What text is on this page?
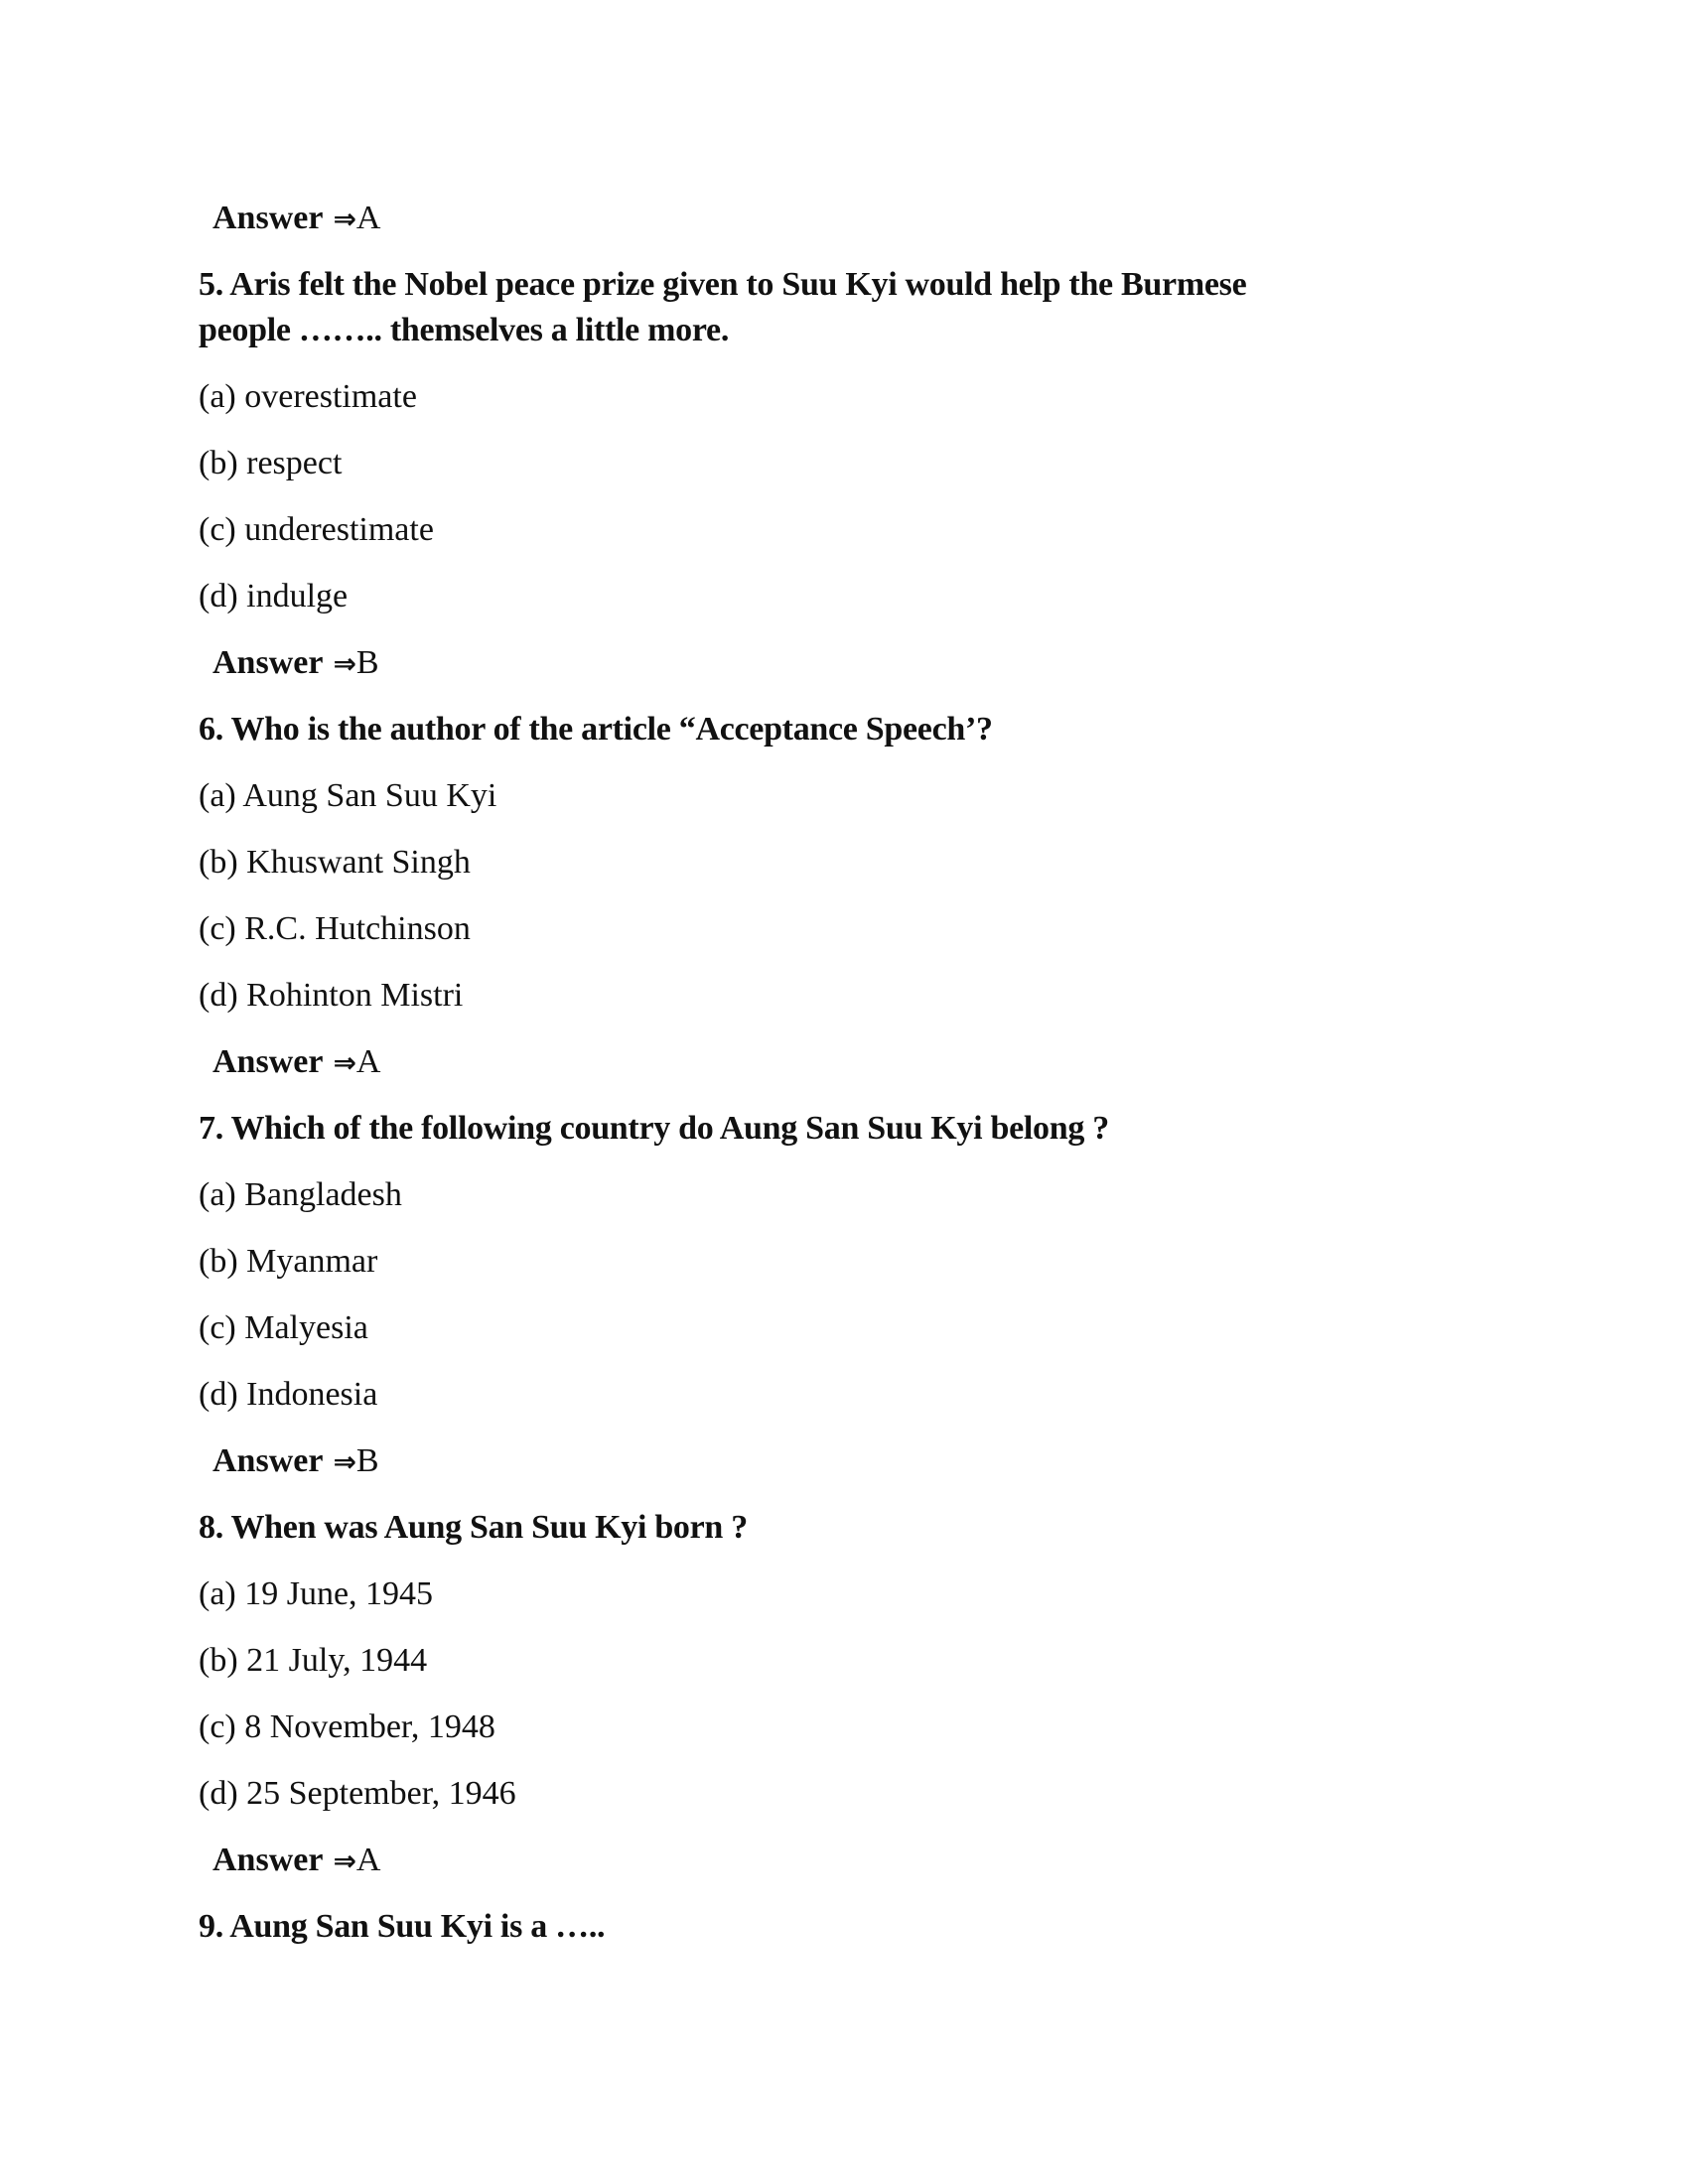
Answer ⇒A
5. Aris felt the Nobel peace prize given to Suu Kyi would help the Burmese
people …….. themselves a little more.
(a) overestimate
(b) respect
(c) underestimate
(d) indulge
Answer ⇒B
6. Who is the author of the article “Acceptance Speech’?
(a) Aung San Suu Kyi
(b) Khuswant Singh
(c) R.C. Hutchinson
(d) Rohinton Mistri
Answer ⇒A
7. Which of the following country do Aung San Suu Kyi belong ?
(a) Bangladesh
(b) Myanmar
(c) Malyesia
(d) Indonesia
Answer ⇒B
8. When was Aung San Suu Kyi born ?
(a) 19 June, 1945
(b) 21 July, 1944
(c) 8 November, 1948
(d) 25 September, 1946
Answer ⇒A
9. Aung San Suu Kyi is a …..
